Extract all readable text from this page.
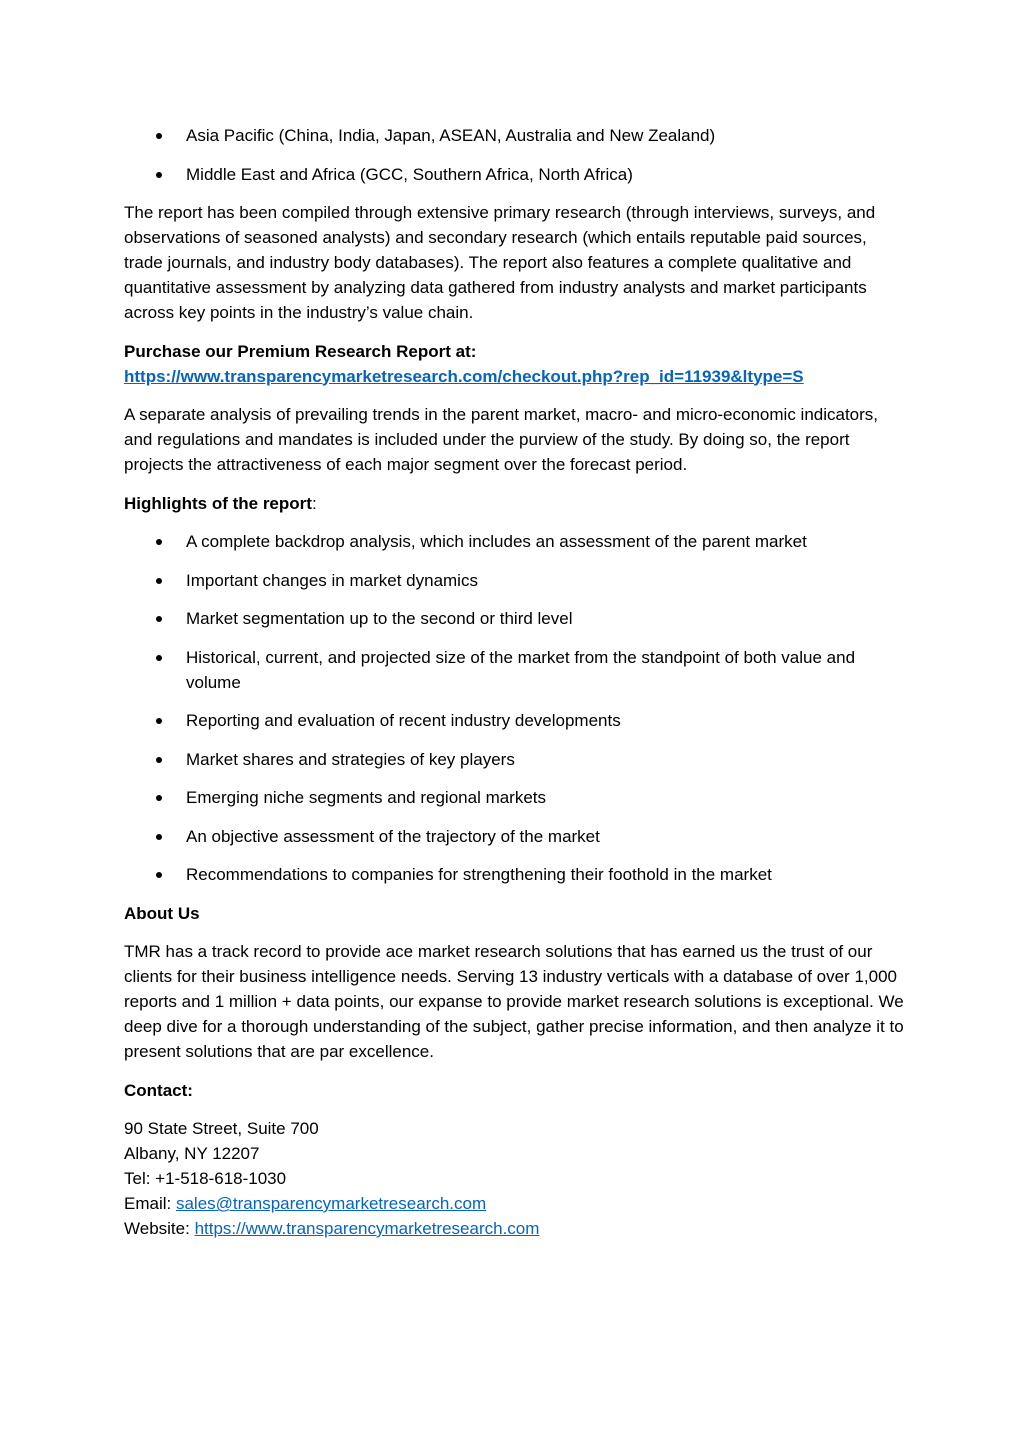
Asia Pacific (China, India, Japan, ASEAN, Australia and New Zealand)
Middle East and Africa (GCC, Southern Africa, North Africa)

The report has been compiled through extensive primary research (through interviews, surveys, and observations of seasoned analysts) and secondary research (which entails reputable paid sources, trade journals, and industry body databases). The report also features a complete qualitative and quantitative assessment by analyzing data gathered from industry analysts and market participants across key points in the industry’s value chain.

Purchase our Premium Research Report at:
https://www.transparencymarketresearch.com/checkout.php?rep_id=11939&ltype=S

A separate analysis of prevailing trends in the parent market, macro- and micro-economic indicators, and regulations and mandates is included under the purview of the study. By doing so, the report projects the attractiveness of each major segment over the forecast period.

Highlights of the report:

A complete backdrop analysis, which includes an assessment of the parent market
Important changes in market dynamics
Market segmentation up to the second or third level
Historical, current, and projected size of the market from the standpoint of both value and volume
Reporting and evaluation of recent industry developments
Market shares and strategies of key players
Emerging niche segments and regional markets
An objective assessment of the trajectory of the market
Recommendations to companies for strengthening their foothold in the market

About Us

TMR has a track record to provide ace market research solutions that has earned us the trust of our clients for their business intelligence needs. Serving 13 industry verticals with a database of over 1,000 reports and 1 million + data points, our expanse to provide market research solutions is exceptional. We deep dive for a thorough understanding of the subject, gather precise information, and then analyze it to present solutions that are par excellence.

Contact:

90 State Street, Suite 700
Albany, NY 12207
Tel: +1-518-618-1030
Email: sales@transparencymarketresearch.com
Website: https://www.transparencymarketresearch.com
